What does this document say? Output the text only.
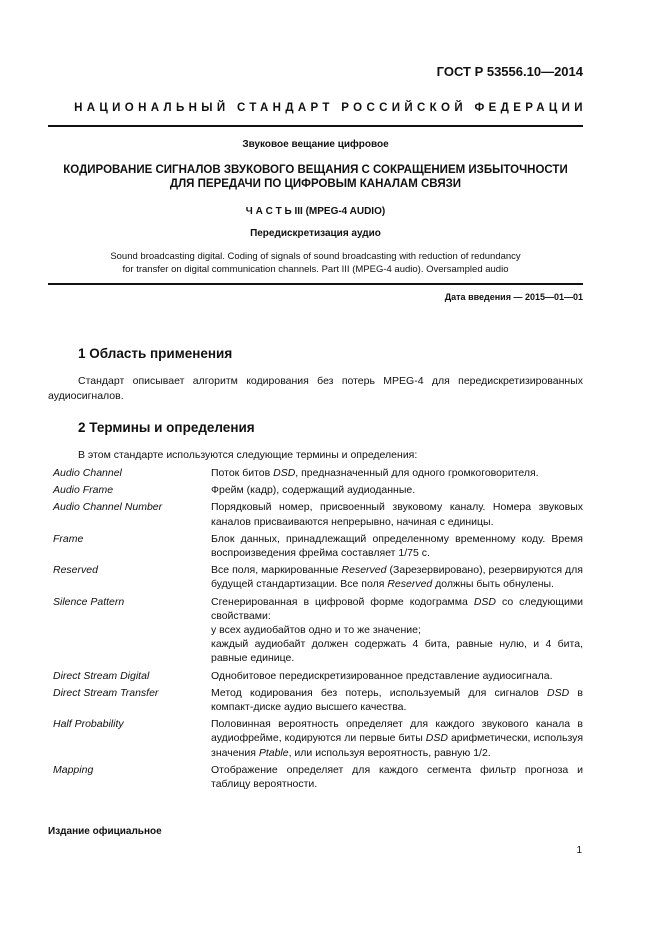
ГОСТ Р 53556.10—2014
НАЦИОНАЛЬНЫЙ СТАНДАРТ РОССИЙСКОЙ ФЕДЕРАЦИИ
Звуковое вещание цифровое
КОДИРОВАНИЕ СИГНАЛОВ ЗВУКОВОГО ВЕЩАНИЯ С СОКРАЩЕНИЕМ ИЗБЫТОЧНОСТИ
ДЛЯ ПЕРЕДАЧИ ПО ЦИФРОВЫМ КАНАЛАМ СВЯЗИ
Ч А С Т Ь III (MPEG-4 AUDIO)
Передискретизация аудио
Sound broadcasting digital. Coding of signals of sound broadcasting with reduction of redundancy
for transfer on digital communication channels. Part III (MPEG-4 audio). Oversampled audio
Дата введения — 2015—01—01
1 Область применения
Стандарт описывает алгоритм кодирования без потерь MPEG-4 для передискретизированных аудиосигналов.
2 Термины и определения
В этом стандарте используются следующие термины и определения:
Audio Channel	Поток битов DSD, предназначенный для одного громкоговорителя.

Audio Frame	Фрейм (кадр), содержащий аудиоданные.

Audio Channel Number	Порядковый номер, присвоенный звуковому каналу. Номера звуковых каналов присваиваются непрерывно, начиная с единицы.

Frame	Блок данных, принадлежащий определенному временному коду. Время воспроизведения фрейма составляет 1/75 с.

Reserved	Все поля, маркированные Reserved (Зарезервировано), резервируются для будущей стандартизации. Все поля Reserved должны быть обнулены.

Silence Pattern	Сгенерированная в цифровой форме кодограмма DSD со следующими свойствами:

у всех аудиобайтов одно и то же значение;

каждый аудиобайт должен содержать 4 бита, равные нулю, и 4 бита, равные единице.

Direct Stream Digital	Однобитовое передискретизированное представление аудиосигнала.

Direct Stream Transfer	Метод кодирования без потерь, используемый для сигналов DSD в компакт-диске аудио высшего качества.

Half Probability	Половинная вероятность определяет для каждого звукового канала в аудиофрейме, кодируются ли первые биты DSD арифметически, используя значения Ptable, или используя вероятность, равную 1/2.

Mapping	Отображение определяет для каждого сегмента фильтр прогноза и таблицу вероятности.

Издание официальное
1
